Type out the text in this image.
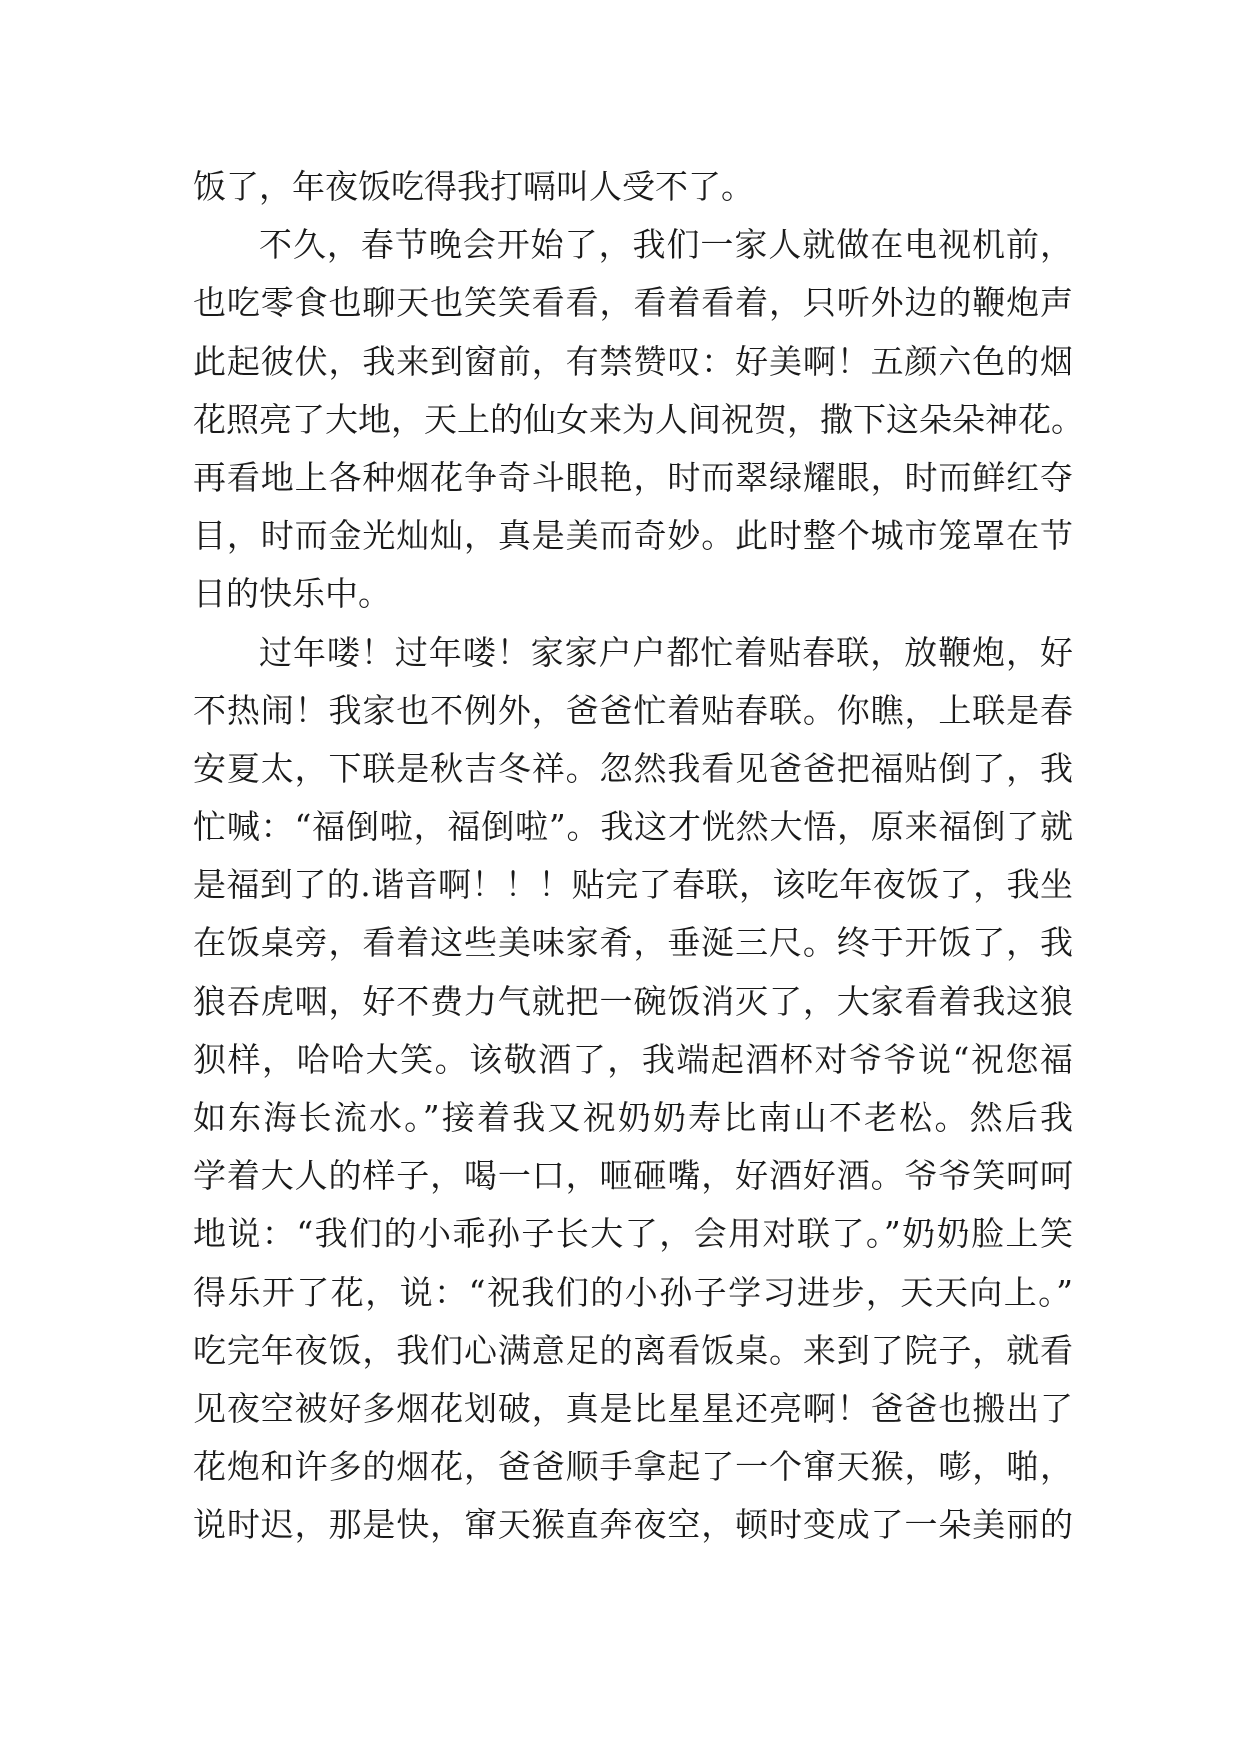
饭了，年夜饭吃得我打嗝叫人受不了。
不久，春节晚会开始了，我们一家人就做在电视机前，
也吃零食也聊天也笑笑看看，看着看着，只听外边的鞭炮声
此起彼伏，我来到窗前，有禁赞叹：好美啊！五颜六色的烟
花照亮了大地，天上的仙女来为人间祝贺，撒下这朵朵神花。
再看地上各种烟花争奇斗眼艳，时而翠绿耀眼，时而鲜红夺
目，时而金光灿灿，真是美而奇妙。此时整个城市笼罩在节
日的快乐中。
过年喽！过年喽！家家户户都忙着贴春联，放鞭炮，好
不热闹！我家也不例外，爸爸忙着贴春联。你瞧，上联是春
安夏太，下联是秋吉冬祥。忽然我看见爸爸把福贴倒了，我
忙喊：“福倒啦，福倒啦”。我这才恍然大悟，原来福倒了就
是福到了的.谐音啊！！！贴完了春联，该吃年夜饭了，我坐
在饭桌旁，看着这些美味家肴，垂涎三尺。终于开饭了，我
狼吞虎咽，好不费力气就把一碗饭消灭了，大家看着我这狼
狈样，哈哈大笑。该敬酒了，我端起酒杯对爷爷说“祝您福
如东海长流水。”接着我又祝奶奶寿比南山不老松。然后我
学着大人的样子，喝一口，咂砸嘴，好酒好酒。爷爷笑呵呵
地说：“我们的小乖孙子长大了，会用对联了。”奶奶脸上笑
得乐开了花，说：“祝我们的小孙子学习进步，天天向上。”
吃完年夜饭，我们心满意足的离看饭桌。来到了院子，就看
见夜空被好多烟花划破，真是比星星还亮啊！爸爸也搬出了
花炮和许多的烟花，爸爸顺手拿起了一个窜天猴，嘭，啪，
说时迟，那是快，窜天猴直奔夜空，顿时变成了一朵美丽的
